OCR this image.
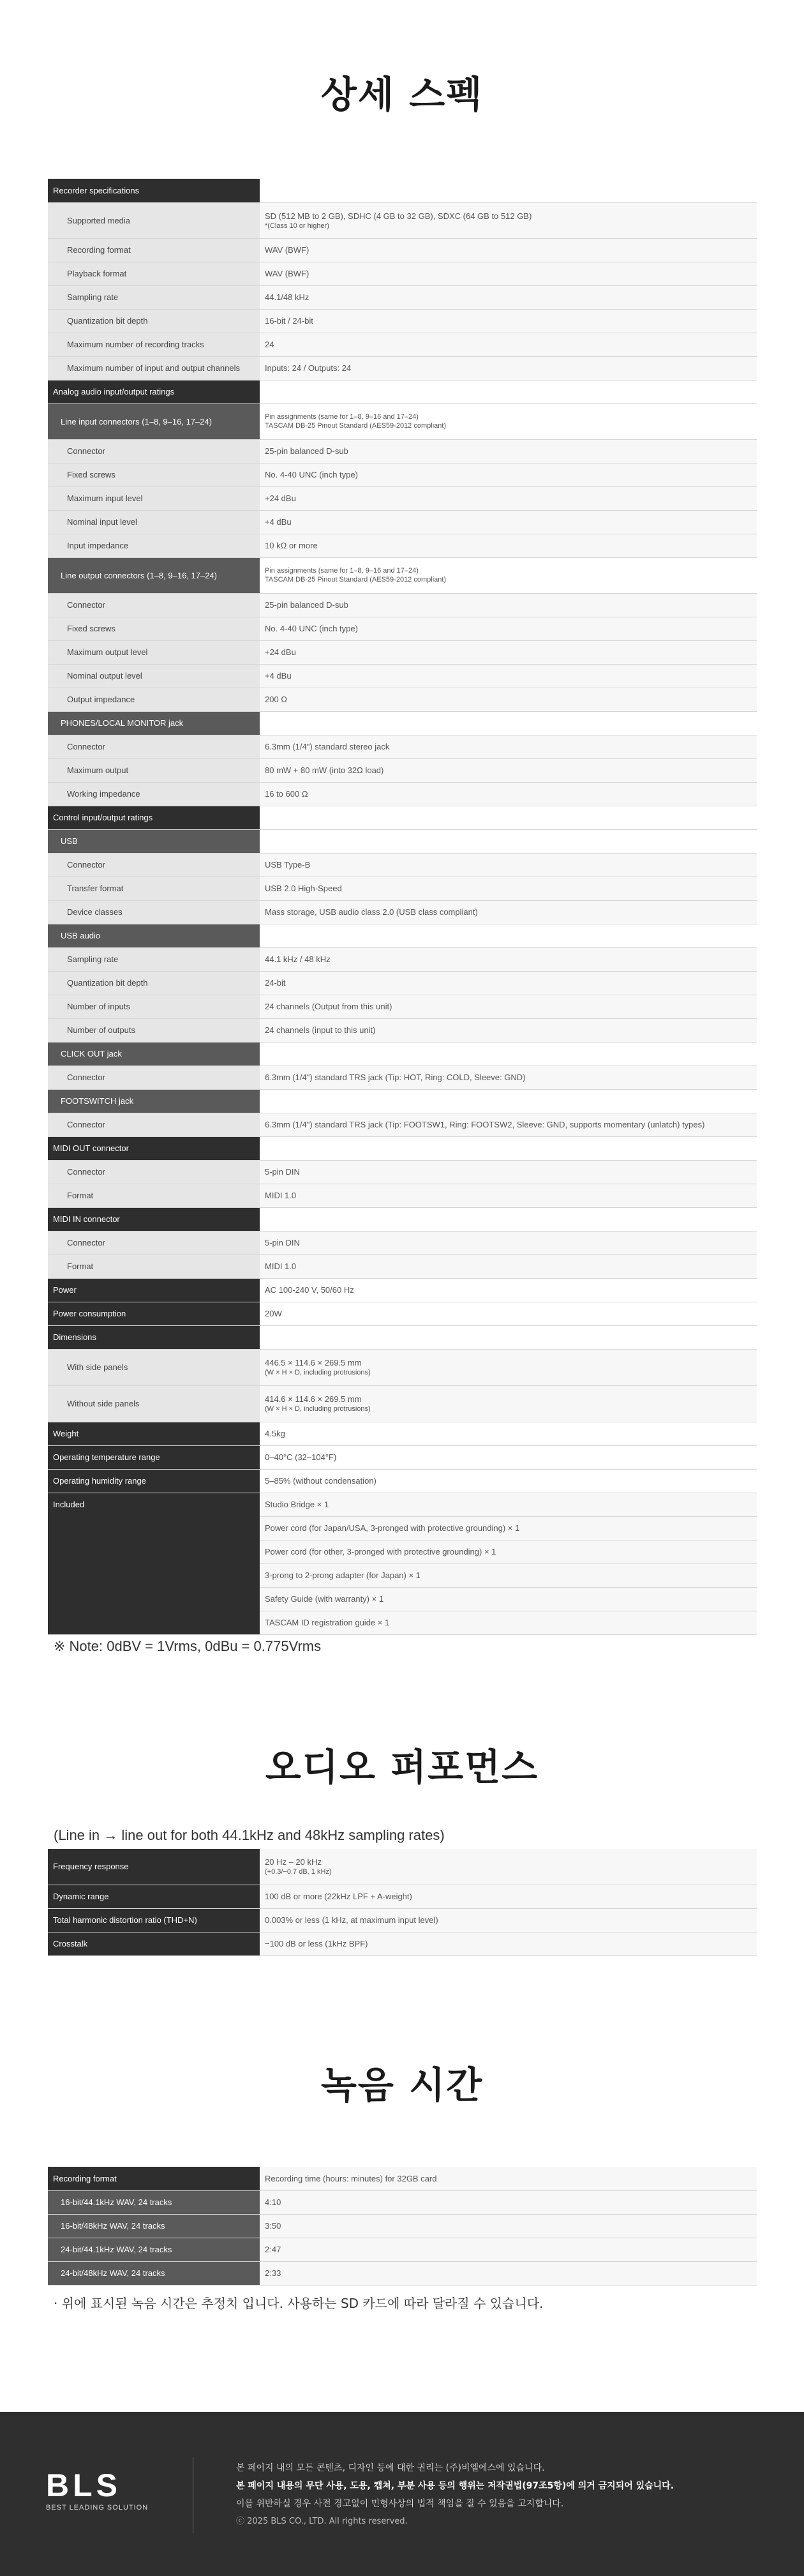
상세 스펙
Recorder specifications	

Supported media	SD (512 MB to 2 GB), SDHC (4 GB to 32 GB), SDXC (64 GB to 512 GB)
*(Class 10 or higher)

Recording format	WAV (BWF)

Playback format	WAV (BWF)

Sampling rate	44.1/48 kHz

Quantization bit depth	16-bit / 24-bit

Maximum number of recording tracks	24

Maximum number of input and output channels	Inputs: 24 / Outputs: 24

Analog audio input/output ratings	

Line input connectors (1–8, 9–16, 17–24)	Pin assignments (same for 1–8, 9–16 and 17–24)
TASCAM DB-25 Pinout Standard (AES59-2012 compliant)

Connector	25-pin balanced D-sub

Fixed screws	No. 4-40 UNC (inch type)

Maximum input level	+24 dBu

Nominal input level	+4 dBu

Input impedance	10 kΩ or more

Line output connectors (1–8, 9–16, 17–24)	Pin assignments (same for 1–8, 9–16 and 17–24)
TASCAM DB-25 Pinout Standard (AES59-2012 compliant)

Connector	25-pin balanced D-sub

Fixed screws	No. 4-40 UNC (inch type)

Maximum output level	+24 dBu

Nominal output level	+4 dBu

Output impedance	200 Ω

PHONES/LOCAL MONITOR jack	

Connector	6.3mm (1/4") standard stereo jack

Maximum output	80 mW + 80 mW (into 32Ω load)

Working impedance	16 to 600 Ω

Control input/output ratings	

USB	

Connector	USB Type-B

Transfer format	USB 2.0 High-Speed

Device classes	Mass storage, USB audio class 2.0 (USB class compliant)

USB audio	

Sampling rate	44.1 kHz / 48 kHz

Quantization bit depth	24-bit

Number of inputs	24 channels (Output from this unit)

Number of outputs	24 channels (input to this unit)

CLICK OUT jack	

Connector	6.3mm (1/4") standard TRS jack (Tip: HOT, Ring: COLD, Sleeve: GND)

FOOTSWITCH jack	

Connector	6.3mm (1/4") standard TRS jack (Tip: FOOTSW1, Ring: FOOTSW2, Sleeve: GND, supports momentary (unlatch) types)

MIDI OUT connector	

Connector	5-pin DIN

Format	MIDI 1.0

MIDI IN connector	

Connector	5-pin DIN

Format	MIDI 1.0

Power	AC 100-240 V, 50/60 Hz

Power consumption	20W

Dimensions	

With side panels	446.5 × 114.6 × 269.5 mm
(W × H × D, including protrusions)

Without side panels	414.6 × 114.6 × 269.5 mm
(W × H × D, including protrusions)

Weight	4.5kg

Operating temperature range	0–40°C (32–104°F)

Operating humidity range	5–85% (without condensation)

Included	Studio Bridge × 1

	Power cord (for Japan/USA, 3-pronged with protective grounding) × 1

	Power cord (for other, 3-pronged with protective grounding) × 1

	3-prong to 2-prong adapter (for Japan) × 1

	Safety Guide (with warranty) × 1

	TASCAM ID registration guide × 1

※ Note: 0dBV = 1Vrms, 0dBu = 0.775Vrms

오디오 퍼포먼스

(Line in → line out for both 44.1kHz and 48kHz sampling rates)

Frequency response	20 Hz – 20 kHz
(+0.3/−0.7 dB, 1 kHz)

Dynamic range	100 dB or more (22kHz LPF + A-weight)

Total harmonic distortion ratio (THD+N)	0.003% or less (1 kHz, at maximum input level)

Crosstalk	−100 dB or less (1kHz BPF)
녹음 시간
Recording format	Recording time (hours: minutes) for 32GB card

16-bit/44.1kHz WAV, 24 tracks	4:10

16-bit/48kHz WAV, 24 tracks	3:50

24-bit/44.1kHz WAV, 24 tracks	2:47

24-bit/48kHz WAV, 24 tracks	2:33

· 위에 표시된 녹음 시간은 추정치 입니다. 사용하는 SD 카드에 따라 달라질 수 있습니다.

BLS
BEST LEADING SOLUTION
본 페이지 내의 모든 콘텐츠, 디자인 등에 대한 권리는 (주)비엘에스에 있습니다.
본 페이지 내용의 무단 사용, 도용, 캡쳐, 부분 사용 등의 행위는 저작권법(97조5항)에 의거 금지되어 있습니다.
이를 위반하실 경우 사전 경고없이 민형사상의 법적 책임을 질 수 있음을 고지합니다.
ⓒ 2025 BLS CO., LTD. All rights reserved.
